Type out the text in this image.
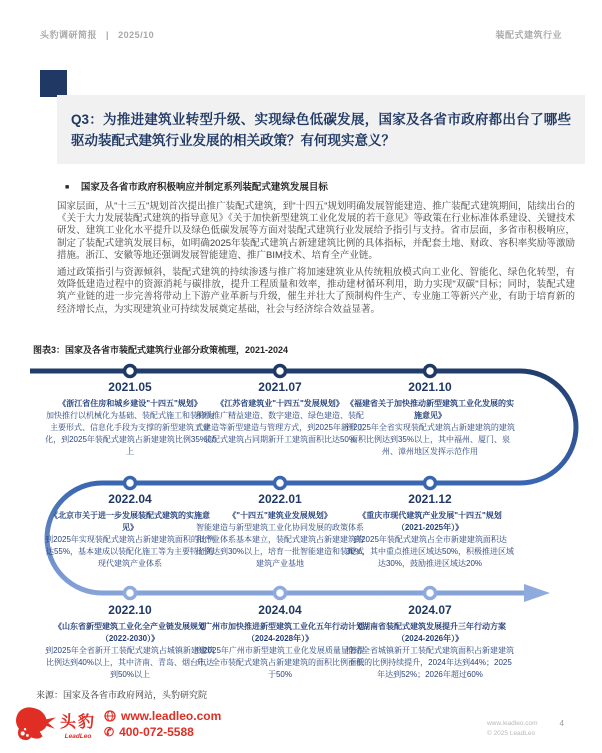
头豹调研简报 | 2025/10	装配式建筑行业
Q3：为推进建筑业转型升级、实现绿色低碳发展，国家及各省市政府都出台了哪些驱动装配式建筑行业发展的相关政策？有何现实意义？
■ 国家及各省市政府积极响应并制定系列装配式建筑发展目标
国家层面，从"十三五"规划首次提出推广装配式建筑，到"十四五"规划明确发展智能建造、推广装配式建筑期间，陆续出台的《关于大力发展装配式建筑的指导意见》《关于加快新型建筑工业化发展的若干意见》等政策在行业标准体系建设、关键技术研发、建筑工业化水平提升以及绿色低碳发展等方面对装配式建筑行业发展给予指引与支持。省市层面，多省市积极响应，制定了装配式建筑发展目标，如明确2025年装配式建筑占新建建筑比例的具体指标，并配套土地、财政、容积率奖励等激励措施。浙江、安徽等地还强调发展智能建造、推广BIM技术、培育全产业链。
通过政策指引与资源倾斜，装配式建筑的持续渗透与推广将加速建筑业从传统粗放模式向工业化、智能化、绿色化转型，有效降低建造过程中的资源消耗与碳排放，提升工程质量和效率，推动建材循环利用，助力实现"双碳"目标；同时，装配式建筑产业链的进一步完善将带动上下游产业革新与升级，催生并壮大了预制构件生产、专业施工等新兴产业，有助于培育新的经济增长点，为实现建筑业可持续发展奠定基础，社会与经济综合效益显著。
图表3：国家及各省市装配式建筑行业部分政策梳理，2021-2024
2021.05
《浙江省住房和城乡建设"十四五"规划》
加快推行以机械化为基础、装配式施工和装修为主要形式、信息化手段为支撑的新型建筑工业化，到2025年装配式建筑占新建建筑比例35%以上
2021.07
《江苏省建筑业"十四五"发展规划》
积极推广精益建造、数字建造、绿色建造、装配式建造等新型建造与管理方式，到2025年新开工装配式建筑占同期新开工建筑面积比达50%
2021.10
《福建省关于加快推动新型建筑工业化发展的实施意见》
到2025年全省实现装配式建筑占新建建筑的建筑面积比例达到35%以上，其中福州、厦门、泉州、漳州地区发挥示范作用
2022.04
《北京市关于进一步发展装配式建筑的实施意见》
到2025年实现装配式建筑占新建建筑面积的比例达55%，基本建成以装配化施工等为主要特征的现代建筑产业体系
2022.01
《"十四五"建筑业发展规划》
智能建造与新型建筑工业化协同发展的政策体系和产业体系基本建立，装配式建筑占新建建筑的比例达到30%以上，培育一批智能建造和装配式建筑产业基地
2021.12
《重庆市现代建筑产业发展"十四五"规划（2021-2025年）》
到2025年装配式建筑占全市新建建筑面积达30%，其中重点推进区域达50%，积极推进区域达30%，鼓励推进区域达20%
2022.10
《山东省新型建筑工业化全产业链发展规划（2022-2030）》
到2025年全省新开工装配式建筑占城镇新建建筑比例达到40%以上，其中济南、青岛、烟台市达到50%以上
2024.04
《广州市加快推进新型建筑工业化五年行动计划（2024-2028年）》
到2025年广州市新型建筑工业化发展质量显著提升，全市装配式建筑占新建建筑的面积比例不低于50%
2024.07
《湖南省装配式建筑发展提升三年行动方案（2024-2026年）》
推动全省城镇新开工装配式建筑面积占新建建筑面积的比例持续提升，2024年达到44%；2025年达到52%；2026年超过60%
来源：国家及各省市政府网站，头豹研究院
头豹
LeadLeo
www.leadleo.com
✆ 400-072-5588
www.leadleo.com	4
© 2025 LeadLeo
